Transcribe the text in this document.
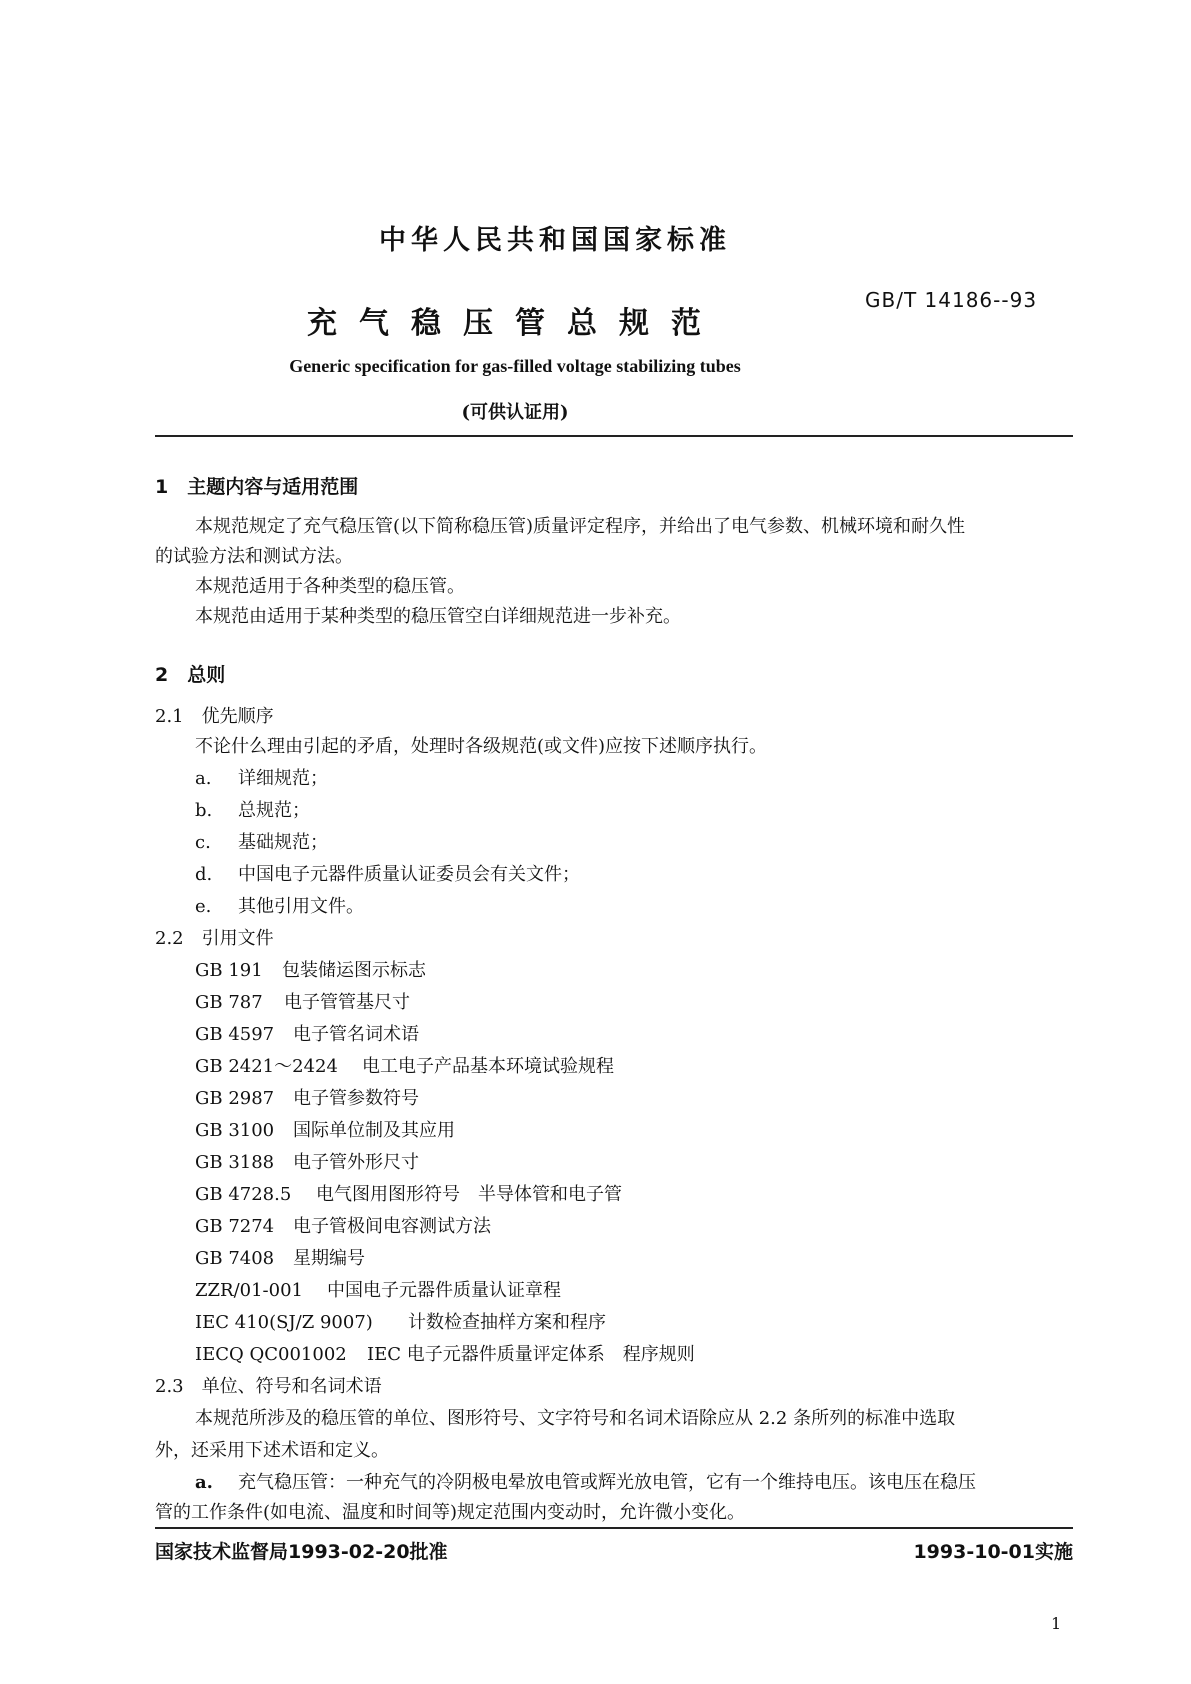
中华人民共和国国家标准
充气稳压管总规范
GB/T 14186--93
Generic specification for gas-filled voltage stabilizing tubes
(可供认证用)
1　主题内容与适用范围
本规范规定了充气稳压管(以下简称稳压管)质量评定程序，并给出了电气参数、机械环境和耐久性
的试验方法和测试方法。
本规范适用于各种类型的稳压管。
本规范由适用于某种类型的稳压管空白详细规范进一步补充。
2　总则
2.1　优先顺序
不论什么理由引起的矛盾，处理时各级规范(或文件)应按下述顺序执行。
a. 详细规范；
b. 总规范；
c. 基础规范；
d. 中国电子元器件质量认证委员会有关文件；
e. 其他引用文件。
2.2　引用文件
GB 191 包装储运图示标志
GB 787 电子管管基尺寸
GB 4597 电子管名词术语
GB 2421～2424 电工电子产品基本环境试验规程
GB 2987 电子管参数符号
GB 3100 国际单位制及其应用
GB 3188 电子管外形尺寸
GB 4728.5 电气图用图形符号　半导体管和电子管
GB 7274 电子管极间电容测试方法
GB 7408 星期编号
ZZR/01-001 中国电子元器件质量认证章程
IEC 410(SJ/Z 9007) 计数检查抽样方案和程序
IECQ QC001002 IEC 电子元器件质量评定体系　程序规则
2.3　单位、符号和名词术语
本规范所涉及的稳压管的单位、图形符号、文字符号和名词术语除应从 2.2 条所列的标准中选取
外，还采用下述术语和定义。
a. 充气稳压管：一种充气的冷阴极电晕放电管或辉光放电管，它有一个维持电压。该电压在稳压
管的工作条件(如电流、温度和时间等)规定范围内变动时，允许微小变化。
国家技术监督局1993-02-20批准	1993-10-01实施
1
